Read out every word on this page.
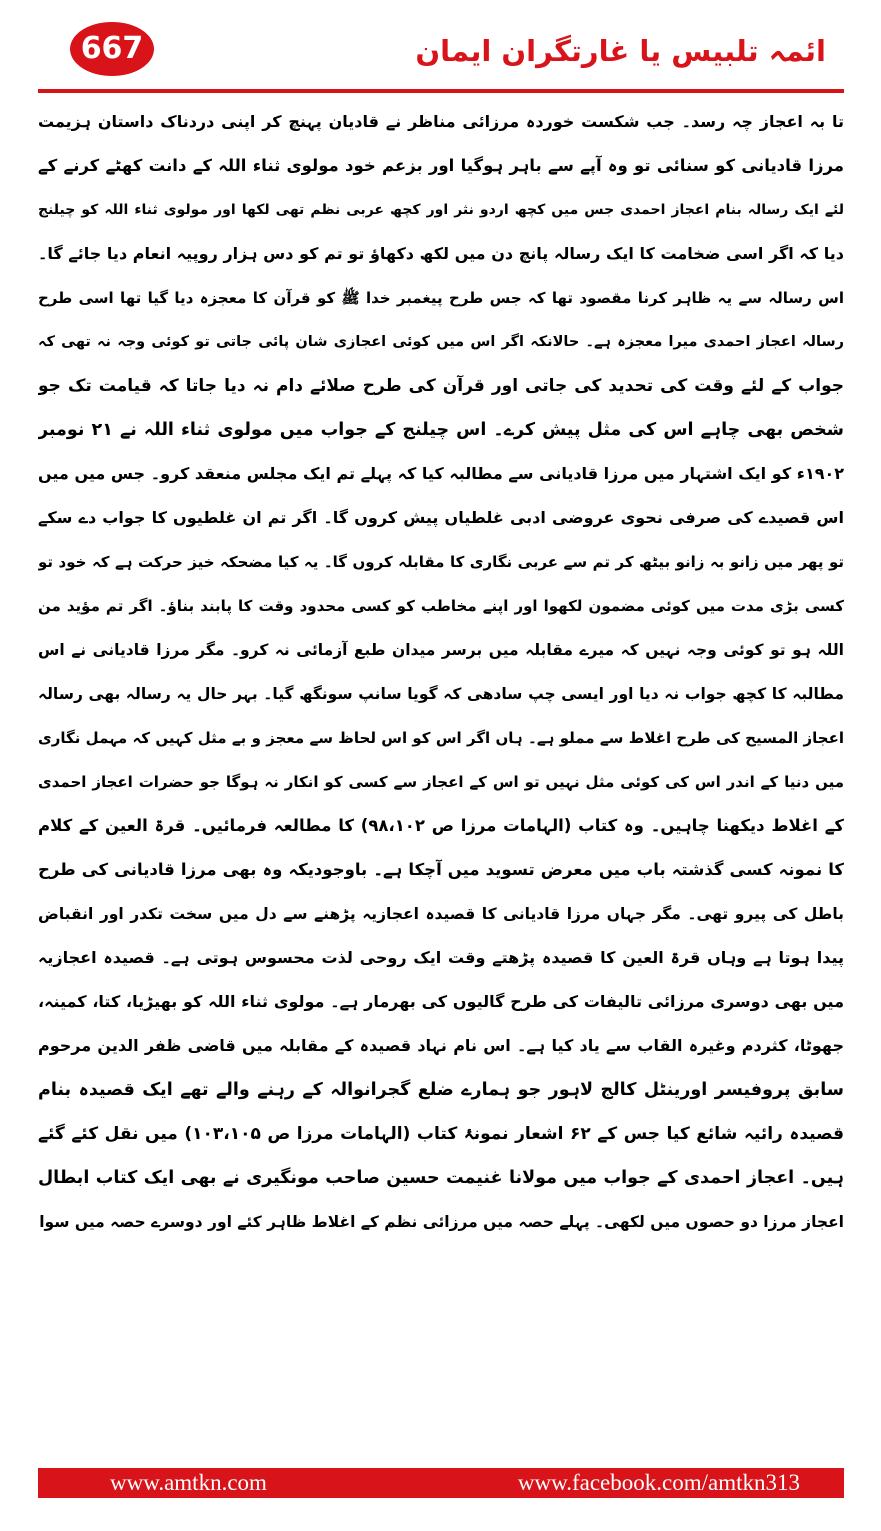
667	ائمہ تلبیس یا غارتگران ایمان
تا بہ اعجاز چہ رسد۔ جب شکست خوردہ مرزائی مناظر نے قادیان پہنچ کر اپنی دردناک داستان ہزیمت
مرزا قادیانی کو سنائی تو وہ آپے سے باہر ہوگیا اور بزعم خود مولوی ثناء اللہ کے دانت کھٹے کرنے کے
لئے ایک رسالہ بنام اعجاز احمدی جس میں کچھ اردو نثر اور کچھ عربی نظم تھی لکھا اور مولوی ثناء اللہ کو چیلنج
دیا کہ اگر اسی ضخامت کا ایک رسالہ پانچ دن میں لکھ دکھاؤ تو تم کو دس ہزار روپیہ انعام دیا جائے گا۔
اس رسالہ سے یہ ظاہر کرنا مقصود تھا کہ جس طرح پیغمبر خدا ﷺ کو قرآن کا معجزہ دیا گیا تھا اسی طرح
رسالہ اعجاز احمدی میرا معجزہ ہے۔ حالانکہ اگر اس میں کوئی اعجازی شان پائی جاتی تو کوئی وجہ نہ تھی کہ
جواب کے لئے وقت کی تحدید کی جاتی اور قرآن کی طرح صلائے دام نہ دیا جاتا کہ قیامت تک جو
شخص بھی چاہے اس کی مثل پیش کرے۔ اس چیلنج کے جواب میں مولوی ثناء اللہ نے ۲۱ نومبر
۱۹۰۲ء کو ایک اشتہار میں مرزا قادیانی سے مطالبہ کیا کہ پہلے تم ایک مجلس منعقد کرو۔ جس میں میں
اس قصیدے کی صرفی نحوی عروضی ادبی غلطیاں پیش کروں گا۔ اگر تم ان غلطیوں کا جواب دے سکے
تو پھر میں زانو بہ زانو بیٹھ کر تم سے عربی نگاری کا مقابلہ کروں گا۔ یہ کیا مضحکہ خیز حرکت ہے کہ خود تو
کسی بڑی مدت میں کوئی مضمون لکھوا اور اپنے مخاطب کو کسی محدود وقت کا پابند بناؤ۔ اگر تم مؤید من
اللہ ہو تو کوئی وجہ نہیں کہ میرے مقابلہ میں برسر میدان طبع آزمائی نہ کرو۔ مگر مرزا قادیانی نے اس
مطالبہ کا کچھ جواب نہ دیا اور ایسی چپ سادھی کہ گویا سانپ سونگھ گیا۔ بہر حال یہ رسالہ بھی رسالہ
اعجاز المسیح کی طرح اغلاط سے مملو ہے۔ ہاں اگر اس کو اس لحاظ سے معجز و بے مثل کہیں کہ مہمل نگاری
میں دنیا کے اندر اس کی کوئی مثل نہیں تو اس کے اعجاز سے کسی کو انکار نہ ہوگا جو حضرات اعجاز احمدی
کے اغلاط دیکھنا چاہیں۔ وہ کتاب (الہامات مرزا ص ۹۸،۱۰۲) کا مطالعہ فرمائیں۔ قرۃ العین کے کلام
کا نمونہ کسی گذشتہ باب میں معرض تسوید میں آچکا ہے۔ باوجودیکہ وہ بھی مرزا قادیانی کی طرح
باطل کی پیرو تھی۔ مگر جہاں مرزا قادیانی کا قصیدہ اعجازیہ پڑھنے سے دل میں سخت تکدر اور انقباض
پیدا ہوتا ہے وہاں قرۃ العین کا قصیدہ پڑھتے وقت ایک روحی لذت محسوس ہوتی ہے۔ قصیدہ اعجازیہ
میں بھی دوسری مرزائی تالیفات کی طرح گالیوں کی بھرمار ہے۔ مولوی ثناء اللہ کو بھیڑیا، کتا، کمینہ،
جھوٹا، کثردم وغیرہ القاب سے یاد کیا ہے۔ اس نام نہاد قصیدہ کے مقابلہ میں قاضی ظفر الدین مرحوم
سابق پروفیسر اورینٹل کالج لاہور جو ہمارے ضلع گجرانوالہ کے رہنے والے تھے ایک قصیدہ بنام
قصیدہ رائیہ شائع کیا جس کے ۶۲ اشعار نمونۂ کتاب (الہامات مرزا ص ۱۰۳،۱۰۵) میں نقل کئے گئے
ہیں۔ اعجاز احمدی کے جواب میں مولانا غنیمت حسین صاحب مونگیری نے بھی ایک کتاب ابطال
اعجاز مرزا دو حصوں میں لکھی۔ پہلے حصہ میں مرزائی نظم کے اغلاط ظاہر کئے اور دوسرے حصہ میں سوا
www.amtkn.com	www.facebook.com/amtkn313
